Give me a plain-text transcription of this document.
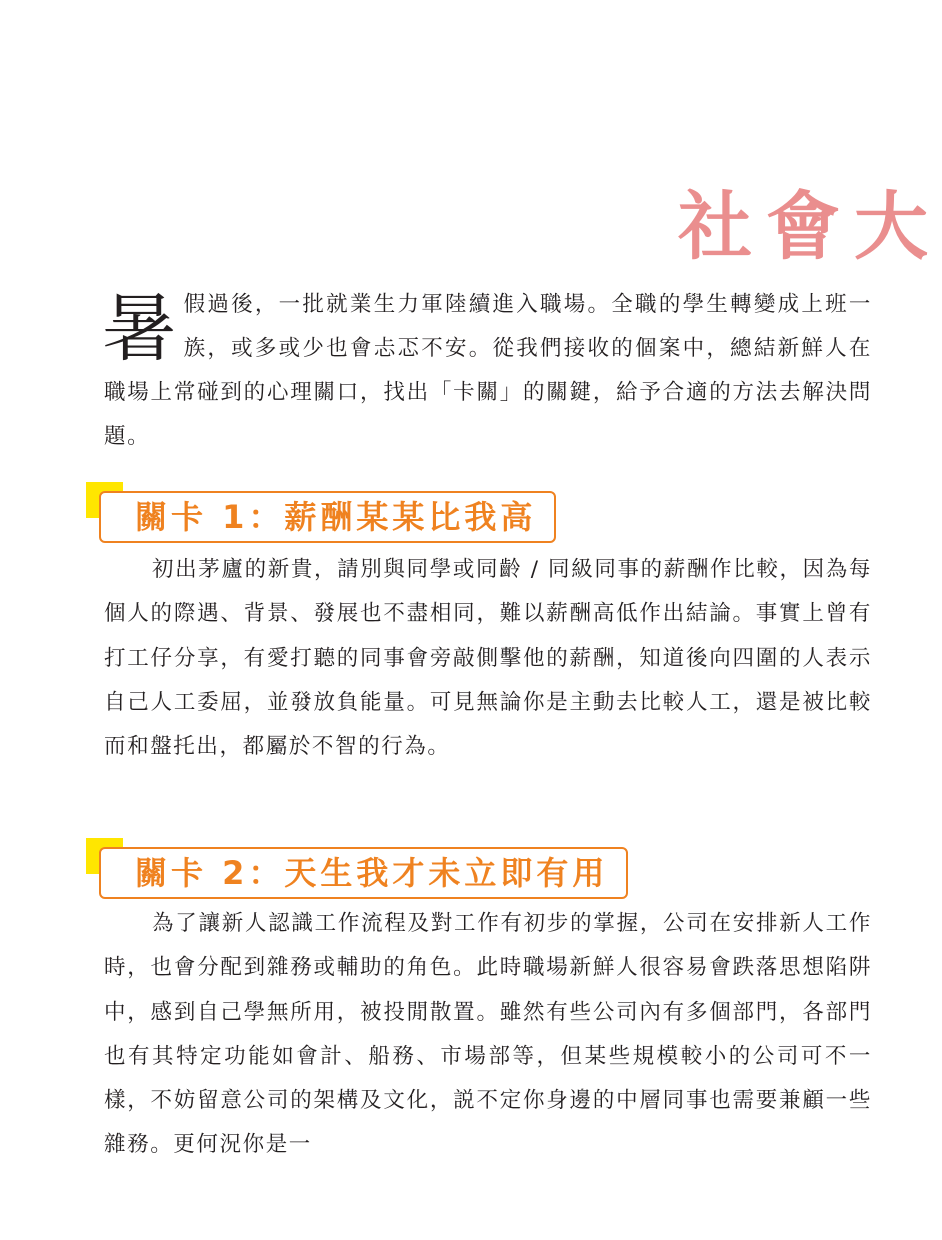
社會大
暑 假過後，一批就業生力軍陸續進入職場。全職的學生轉變成上班一族，或多或少也會忐忑不安。從我們接收的個案中，總結新鮮人在職場上常碰到的心理關口，找出「卡關」的關鍵，給予合適的方法去解決問題。

關卡 1：薪酬某某比我高

初出茅廬的新貴，請別與同學或同齡 / 同級同事的薪酬作比較，因為每個人的際遇、背景、發展也不盡相同，難以薪酬高低作出結論。事實上曾有打工仔分享，有愛打聽的同事會旁敲側擊他的薪酬，知道後向四圍的人表示自己人工委屈，並發放負能量。可見無論你是主動去比較人工，還是被比較而和盤托出，都屬於不智的行為。

關卡 2：天生我才未立即有用

為了讓新人認識工作流程及對工作有初步的掌握，公司在安排新人工作時，也會分配到雜務或輔助的角色。此時職場新鮮人很容易會跌落思想陷阱中，感到自己學無所用，被投閒散置。雖然有些公司內有多個部門，各部門也有其特定功能如會計、船務、市場部等，但某些規模較小的公司可不一樣，不妨留意公司的架構及文化，説不定你身邊的中層同事也需要兼顧一些雜務。更何況你是一
